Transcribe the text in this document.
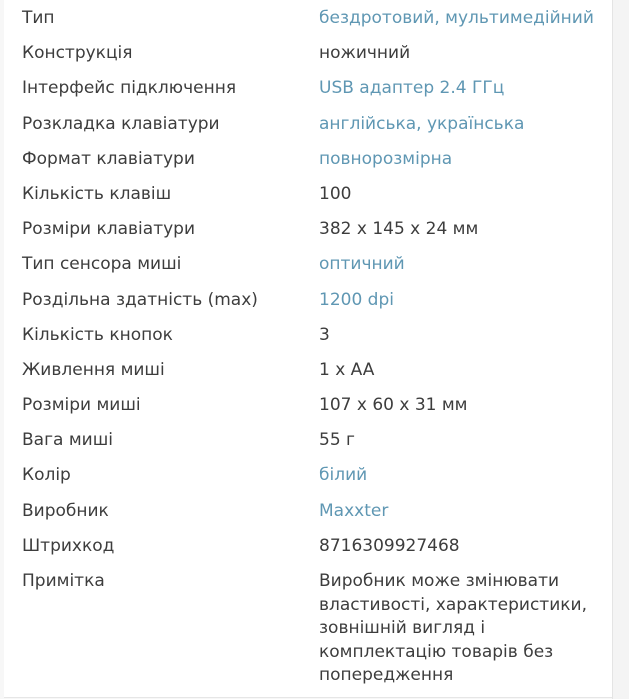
Тип	бездротовий, мультимедійний
Конструкція	ножичний
Інтерфейс підключення	USB адаптер 2.4 ГГц
Розкладка клавіатури	англійська, українська
Формат клавіатури	повнорозмірна
Кількість клавіш	100
Розміри клавіатури	382 x 145 x 24 мм
Тип сенсора миші	оптичний
Роздільна здатність (max)	1200 dpi
Кількість кнопок	3
Живлення миші	1 x AA
Розміри миші	107 x 60 x 31 мм
Вага миші	55 г
Колір	білий
Виробник	Maxxter
Штрихкод	8716309927468
Примітка	Виробник може змінювати властивості, характеристики, зовнішній вигляд і комплектацію товарів без попередження
